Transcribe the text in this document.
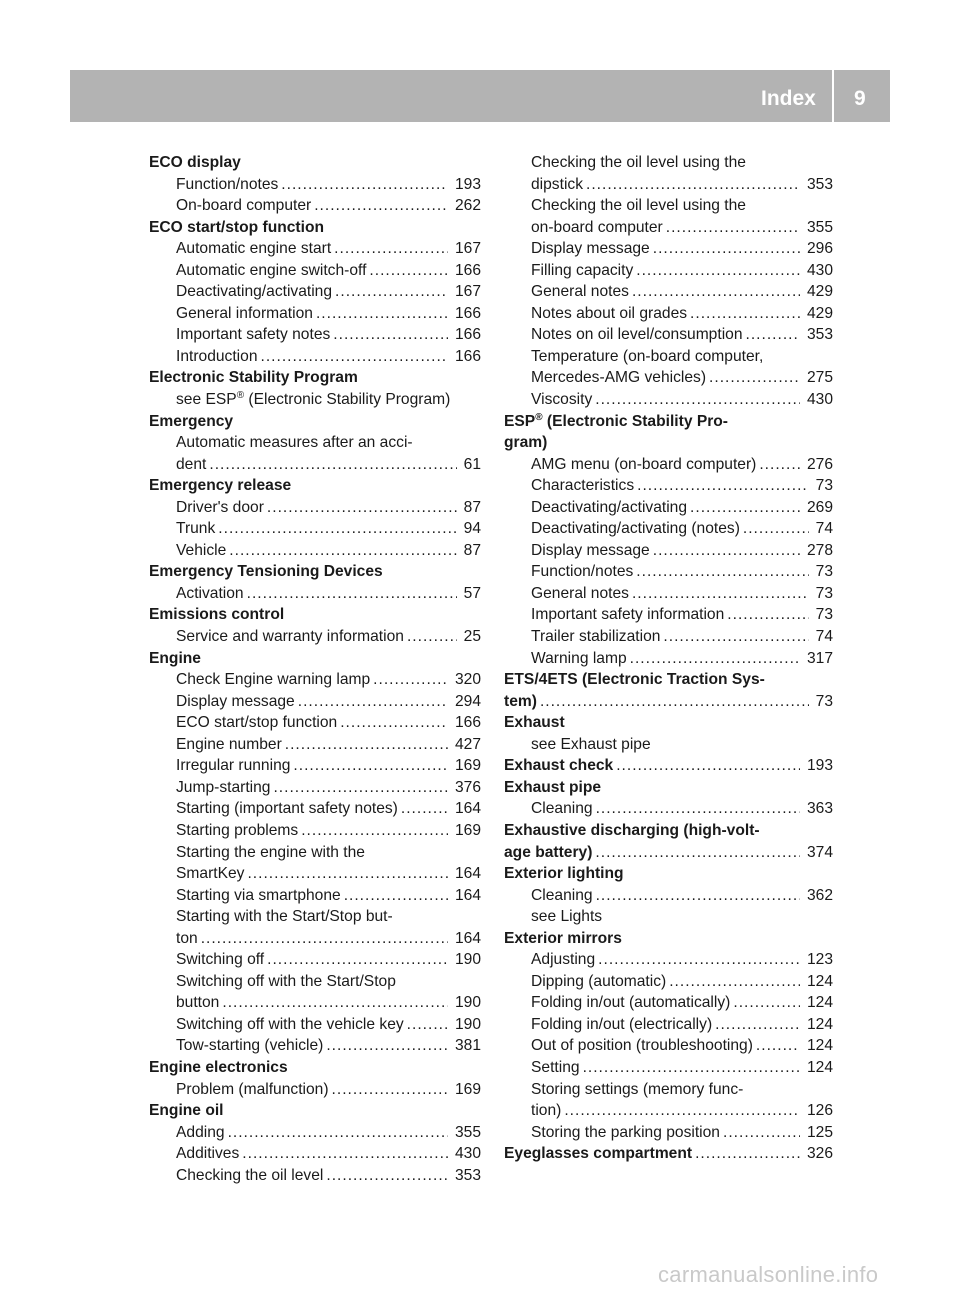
Index 9
ECO display
Function/notes .....	193
On-board computer .....	262
ECO start/stop function
Automatic engine start .....	167
Automatic engine switch-off .....	166
Deactivating/activating .....	167
General information .....	166
Important safety notes .....	166
Introduction .....	166
Electronic Stability Program
see ESP® (Electronic Stability Program)
Emergency
Automatic measures after an acci-
dent .....	61
Emergency release
Driver's door .....	87
Trunk .....	94
Vehicle .....	87
Emergency Tensioning Devices
Activation .....	57
Emissions control
Service and warranty information .....	25
Engine
Check Engine warning lamp .....	320
Display message .....	294
ECO start/stop function .....	166
Engine number .....	427
Irregular running .....	169
Jump-starting .....	376
Starting (important safety notes) .....	164
Starting problems .....	169
Starting the engine with the
SmartKey .....	164
Starting via smartphone .....	164
Starting with the Start/Stop but-
ton .....	164
Switching off .....	190
Switching off with the Start/Stop
button .....	190
Switching off with the vehicle key .....	190
Tow-starting (vehicle) .....	381
Engine electronics
Problem (malfunction) .....	169
Engine oil
Adding .....	355
Additives .....	430
Checking the oil level .....	353
Checking the oil level using the
dipstick .....	353
Checking the oil level using the
on-board computer .....	355
Display message .....	296
Filling capacity .....	430
General notes .....	429
Notes about oil grades .....	429
Notes on oil level/consumption .....	353
Temperature (on-board computer,
Mercedes-AMG vehicles) .....	275
Viscosity .....	430
ESP® (Electronic Stability Pro-
gram)
AMG menu (on-board computer) .....	276
Characteristics .....	73
Deactivating/activating .....	269
Deactivating/activating (notes) .....	74
Display message .....	278
Function/notes .....	73
General notes .....	73
Important safety information .....	73
Trailer stabilization .....	74
Warning lamp .....	317
ETS/4ETS (Electronic Traction Sys-
tem) .....	73
Exhaust
see Exhaust pipe
Exhaust check .....	193
Exhaust pipe
Cleaning .....	363
Exhaustive discharging (high-volt-
age battery) .....	374
Exterior lighting
Cleaning .....	362
see Lights
Exterior mirrors
Adjusting .....	123
Dipping (automatic) .....	124
Folding in/out (automatically) .....	124
Folding in/out (electrically) .....	124
Out of position (troubleshooting) .....	124
Setting .....	124
Storing settings (memory func-
tion) .....	126
Storing the parking position .....	125
Eyeglasses compartment .....	326
carmanualsonline.info
